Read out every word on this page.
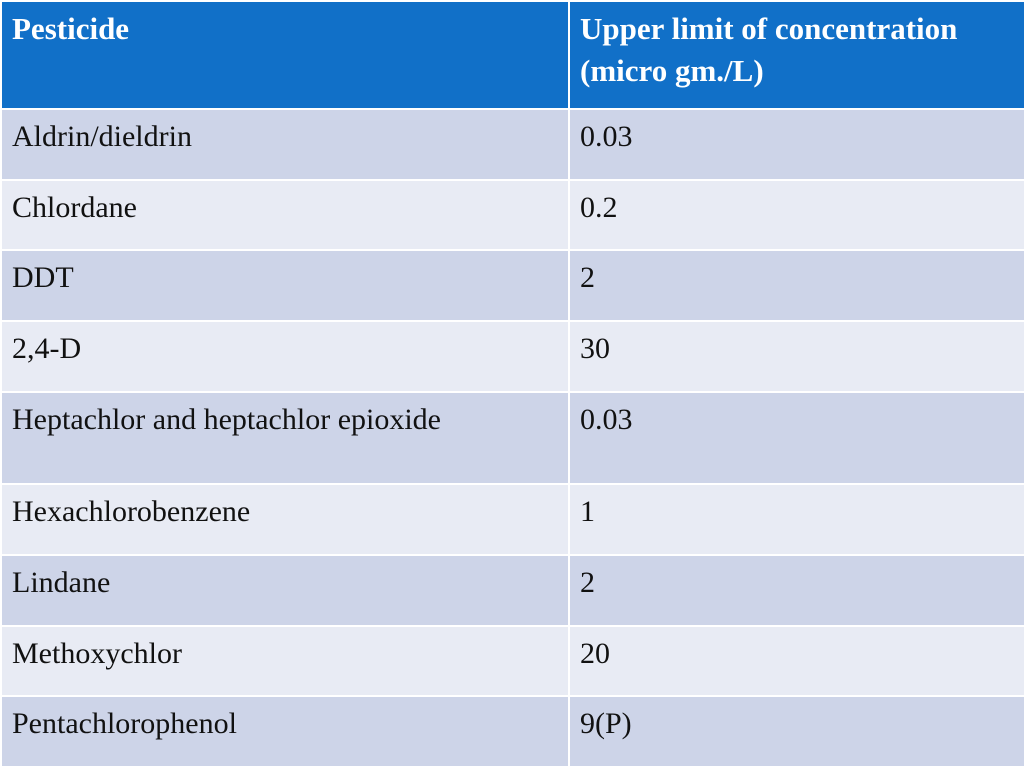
Pesticide	Upper limit of concentration (micro gm./L)
Aldrin/dieldrin	0.03
Chlordane	0.2
DDT	2
2,4-D	30
Heptachlor and heptachlor epioxide	0.03
Hexachlorobenzene	1
Lindane	2
Methoxychlor	20
Pentachlorophenol	9(P)
